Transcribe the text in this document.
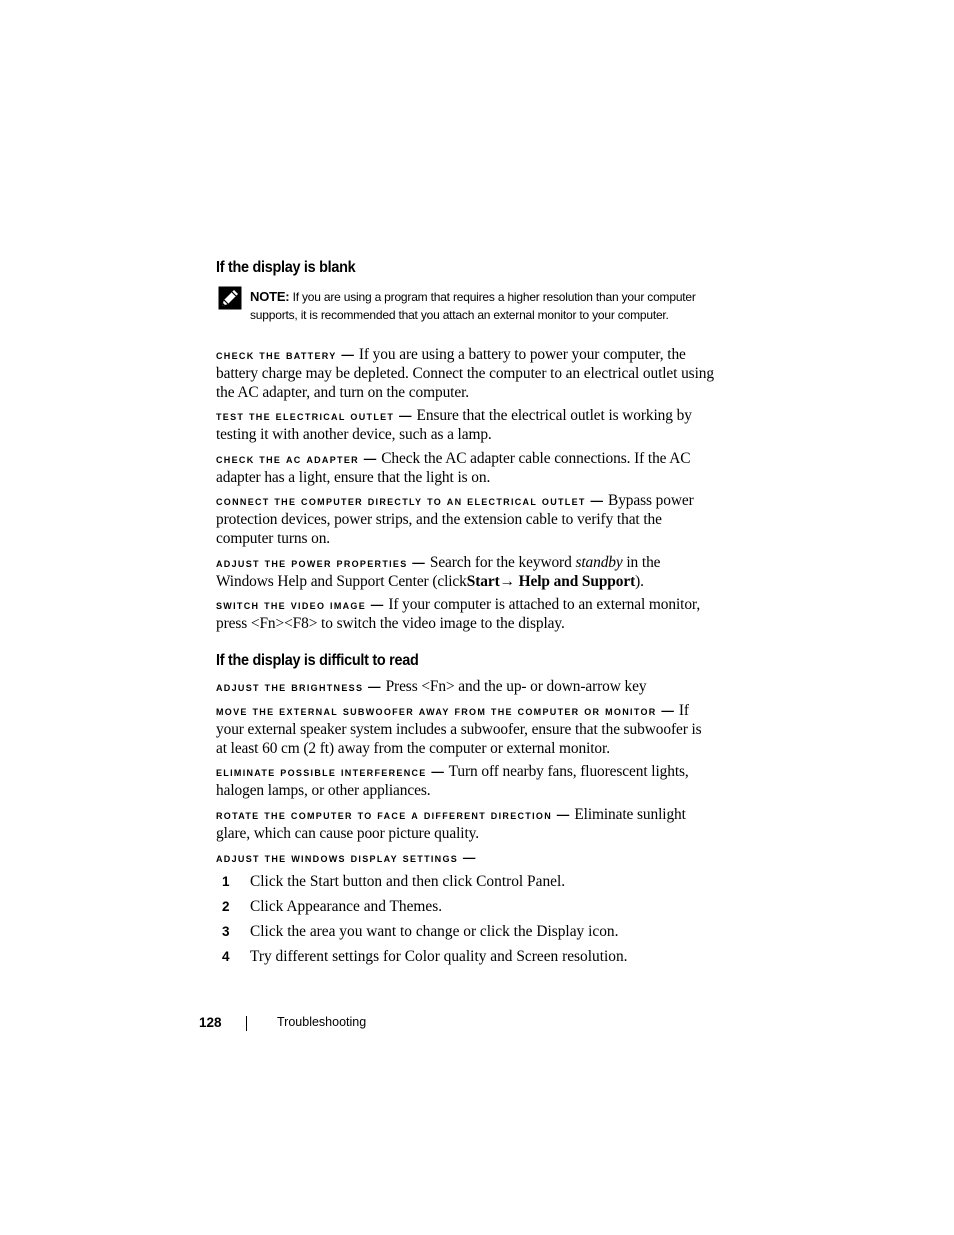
If the display is blank
NOTE: If you are using a program that requires a higher resolution than your computer supports, it is recommended that you attach an external monitor to your computer.
check the battery — If you are using a battery to power your computer, the battery charge may be depleted. Connect the computer to an electrical outlet using the AC adapter, and turn on the computer.
test the electrical outlet — Ensure that the electrical outlet is working by testing it with another device, such as a lamp.
check the ac adapter — Check the AC adapter cable connections. If the AC adapter has a light, ensure that the light is on.
connect the computer directly to an electrical outlet — Bypass power protection devices, power strips, and the extension cable to verify that the computer turns on.
adjust the power properties — Search for the keyword standby in the Windows Help and Support Center (clickStart→ Help and Support).
switch the video image — If your computer is attached to an external monitor, press <Fn><F8> to switch the video image to the display.
If the display is difficult to read
adjust the brightness — Press <Fn> and the up- or down-arrow key
move the external subwoofer away from the computer or monitor — If your external speaker system includes a subwoofer, ensure that the subwoofer is at least 60 cm (2 ft) away from the computer or external monitor.
eliminate possible interference — Turn off nearby fans, fluorescent lights, halogen lamps, or other appliances.
rotate the computer to face a different direction — Eliminate sunlight glare, which can cause poor picture quality.
adjust the windows display settings —
1	Click the Start button and then click Control Panel.
2	Click Appearance and Themes.
3	Click the area you want to change or click the Display icon.
4	Try different settings for Color quality and Screen resolution.
128	Troubleshooting
